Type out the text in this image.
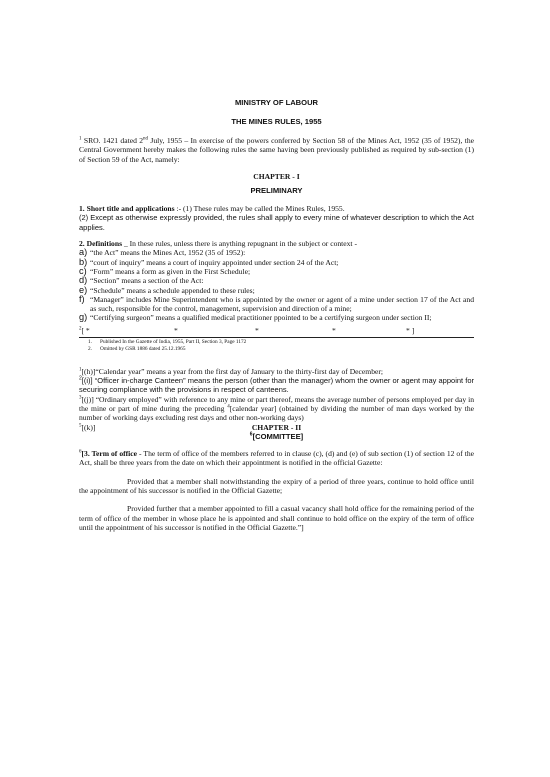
MINISTRY OF LABOUR

THE MINES RULES, 1955

$^1$ SRO. 1421 dated 2nd July, 1955 – In exercise of the powers conferred by Section 58 of the Mines Act, 1952 (35 of 1952), the Central Government hereby makes the following rules the same having been previously published as required by sub-section (1) of Section 59 of the Act, namely:

CHAPTER - I

PRELIMINARY

1. Short title and applications :- (1) These rules may be called the Mines Rules, 1955.

(2) Except as otherwise expressly provided, the rules shall apply to every mine of whatever description to which the Act applies.

2. Definitions _ In these rules, unless there is anything repugnant in the subject or context -

a) “the Act” means the Mines Act, 1952 (35 of 1952):
b) “court of inquiry” means a court of inquiry appointed under section 24 of the Act;
c) “Form” means a form as given in the First Schedule;
d) “Section” means a section of the Act:
e) “Schedule” means a schedule appended to these rules;
f) “Manager” includes Mine Superintendent who is appointed by the owner or agent of a mine under section 17 of the Act and as such, responsible for the control, management, supervision and direction of a mine;
g) “Certifying surgeon” means a qualified medical practitioner ppointed to be a certifying surgeon under section II;
$^2$[ *	*	*	*	* ]
1.	Published In the Gazette of India, 1955, Part II, Section 3, Page 1172
2.	Omitted by GSR 1886 dated 25.12.1965

$^1$[(h)]“Calendar year” means a year from the first day of January to the thirty-first day of December;

$^2$[(i)] “Officer in-charge Canteen” means the person (other than the manager) whom the owner or agent may appoint for securing compliance with the provisions in respect of canteens.

$^3$[(j)] “Ordinary employed” with reference to any mine or part thereof, means the average number of persons employed per day in the mine or part of mine during the preceding $^4$[calendar year] (obtained by dividing the number of man days worked by the number of working days excluding rest days and other non-working days)

$^5$[(k)]	CHAPTER - II

$^6$[COMMITTEE]

$^6$[3. Term of office - The term of office of the members referred to in clause (c), (d) and (e) of sub section (1) of section 12 of the Act, shall be three years from the date on which their appointment is notified in the official Gazette:

Provided that a member shall notwithstanding the expiry of a period of three years, continue to hold office until the appointment of his successor is notified in the Official Gazette;

Provided further that a member appointed to fill a casual vacancy shall hold office for the remaining period of the term of office of the member in whose place he is appointed and shall continue to hold office on the expiry of the term of office until the appointment of his successor is notified in the Official Gazette.”]
